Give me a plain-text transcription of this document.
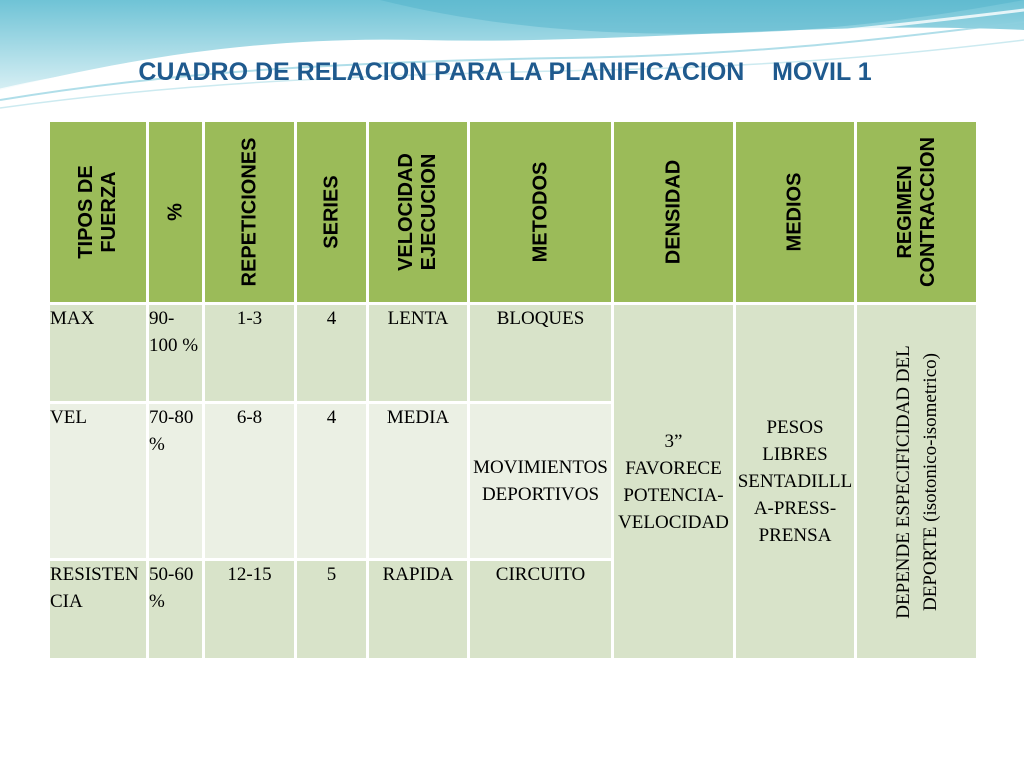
CUADRO DE RELACION PARA LA PLANIFICACION    MOVIL 1
TIPOS DE FUERZA	%	REPETICIONES	SERIES	VELOCIDAD EJECUCION	METODOS	DENSIDAD	MEDIOS	REGIMEN CONTRACCION

MAX	90-100 %	1-3	4	LENTA	BLOQUES	3” FAVORECE POTENCIA-VELOCIDAD	PESOS LIBRES SENTADILLLA-PRESS-PRENSA	DEPENDE ESPECIFICIDAD DEL DEPORTE (isotonico-isometrico)

VEL	70-80 %	6-8	4	MEDIA	MOVIMIENTOS DEPORTIVOS			
RESISTENCIA	50-60 %	12-15	5	RAPIDA	CIRCUITO			
